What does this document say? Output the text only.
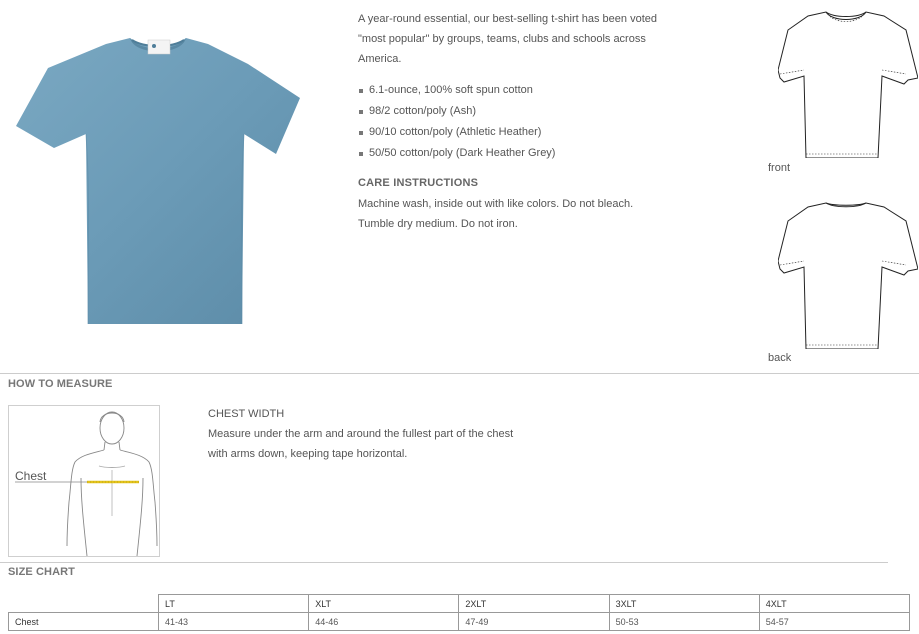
A year-round essential, our best-selling t-shirt has been voted "most popular" by groups, teams, clubs and schools across America.
6.1-ounce, 100% soft spun cotton
98/2 cotton/poly (Ash)
90/10 cotton/poly (Athletic Heather)
50/50 cotton/poly (Dark Heather Grey)
CARE INSTRUCTIONS
Machine wash, inside out with like colors. Do not bleach.
Tumble dry medium. Do not iron.
front
back
HOW TO MEASURE
Chest
CHEST WIDTH
Measure under the arm and around the fullest part of the chest
with arms down, keeping tape horizontal.
SIZE CHART
	LT	XLT	2XLT	3XLT	4XLT
Chest	41-43	44-46	47-49	50-53	54-57
